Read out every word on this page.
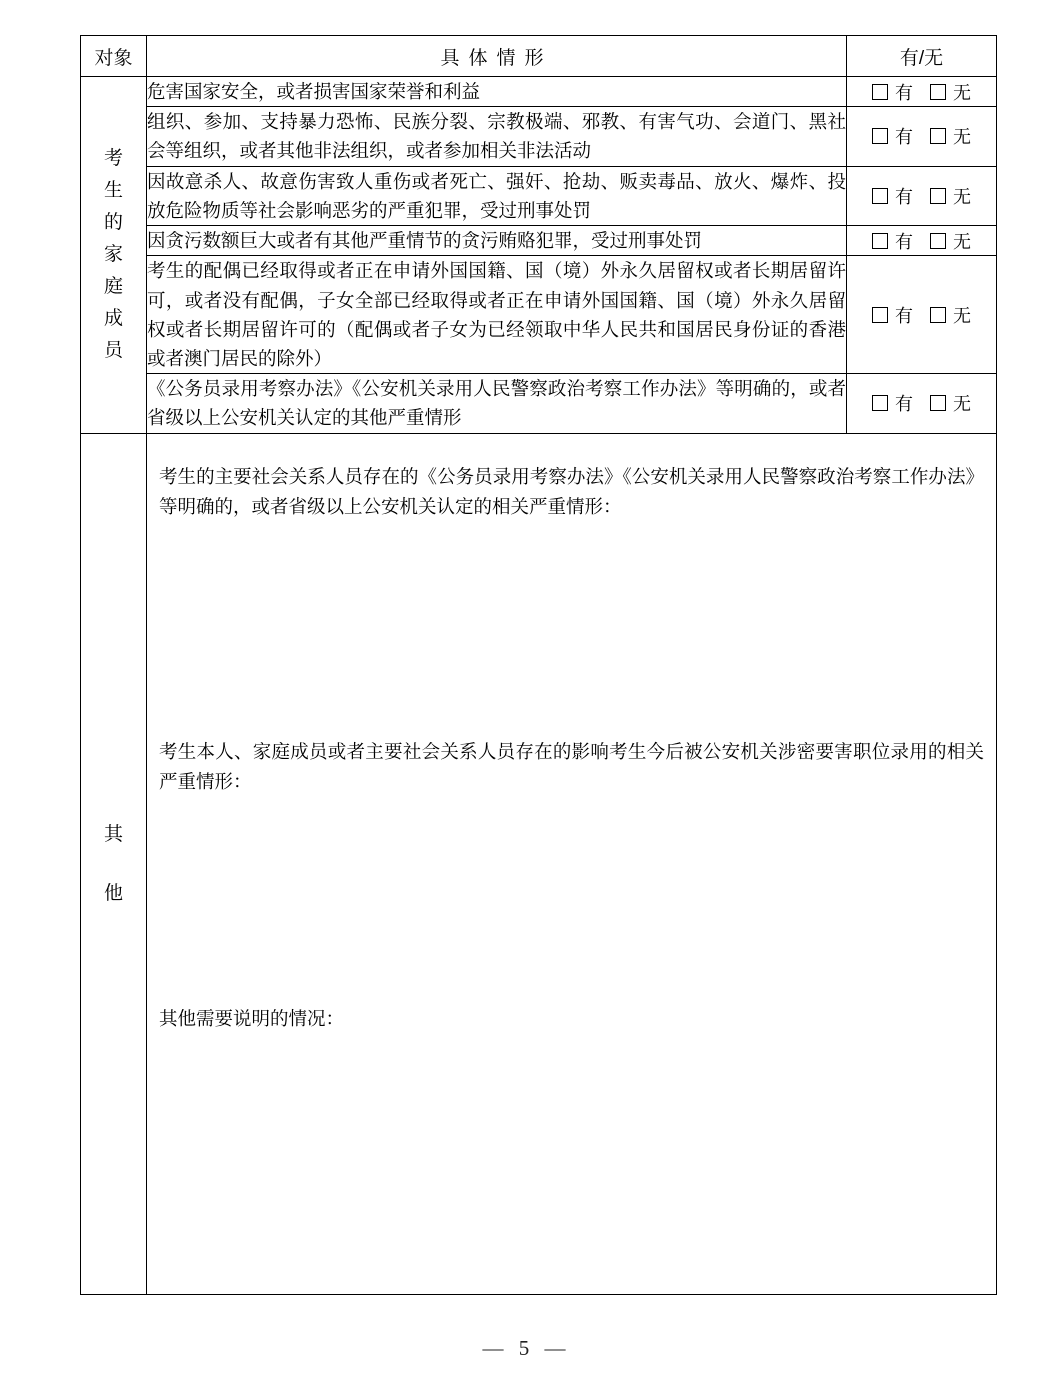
对象	具体情形	有/无

考
生
的
家
庭
成
员
	危害国家安全，或者损害国家荣誉和利益	有 无
	组织、参加、支持暴力恐怖、民族分裂、宗教极端、邪教、有害气功、会道门、黑社会等组织，或者其他非法组织，或者参加相关非法活动	有 无
	因故意杀人、故意伤害致人重伤或者死亡、强奸、抢劫、贩卖毒品、放火、爆炸、投放危险物质等社会影响恶劣的严重犯罪，受过刑事处罚	有 无
	因贪污数额巨大或者有其他严重情节的贪污贿赂犯罪，受过刑事处罚	有 无
	考生的配偶已经取得或者正在申请外国国籍、国（境）外永久居留权或者长期居留许可，或者没有配偶，子女全部已经取得或者正在申请外国国籍、国（境）外永久居留权或者长期居留许可的（配偶或者子女为已经领取中华人民共和国居民身份证的香港或者澳门居民的除外）	有 无
	《公务员录用考察办法》《公安机关录用人民警察政治考察工作办法》等明确的，或者省级以上公安机关认定的其他严重情形	有 无

其
他

考生的主要社会关系人员存在的《公务员录用考察办法》《公安机关录用人民警察政治考察工作办法》等明确的，或者省级以上公安机关认定的相关严重情形：
考生本人、家庭成员或者主要社会关系人员存在的影响考生今后被公安机关涉密要害职位录用的相关严重情形：
其他需要说明的情况：
— 5 —
